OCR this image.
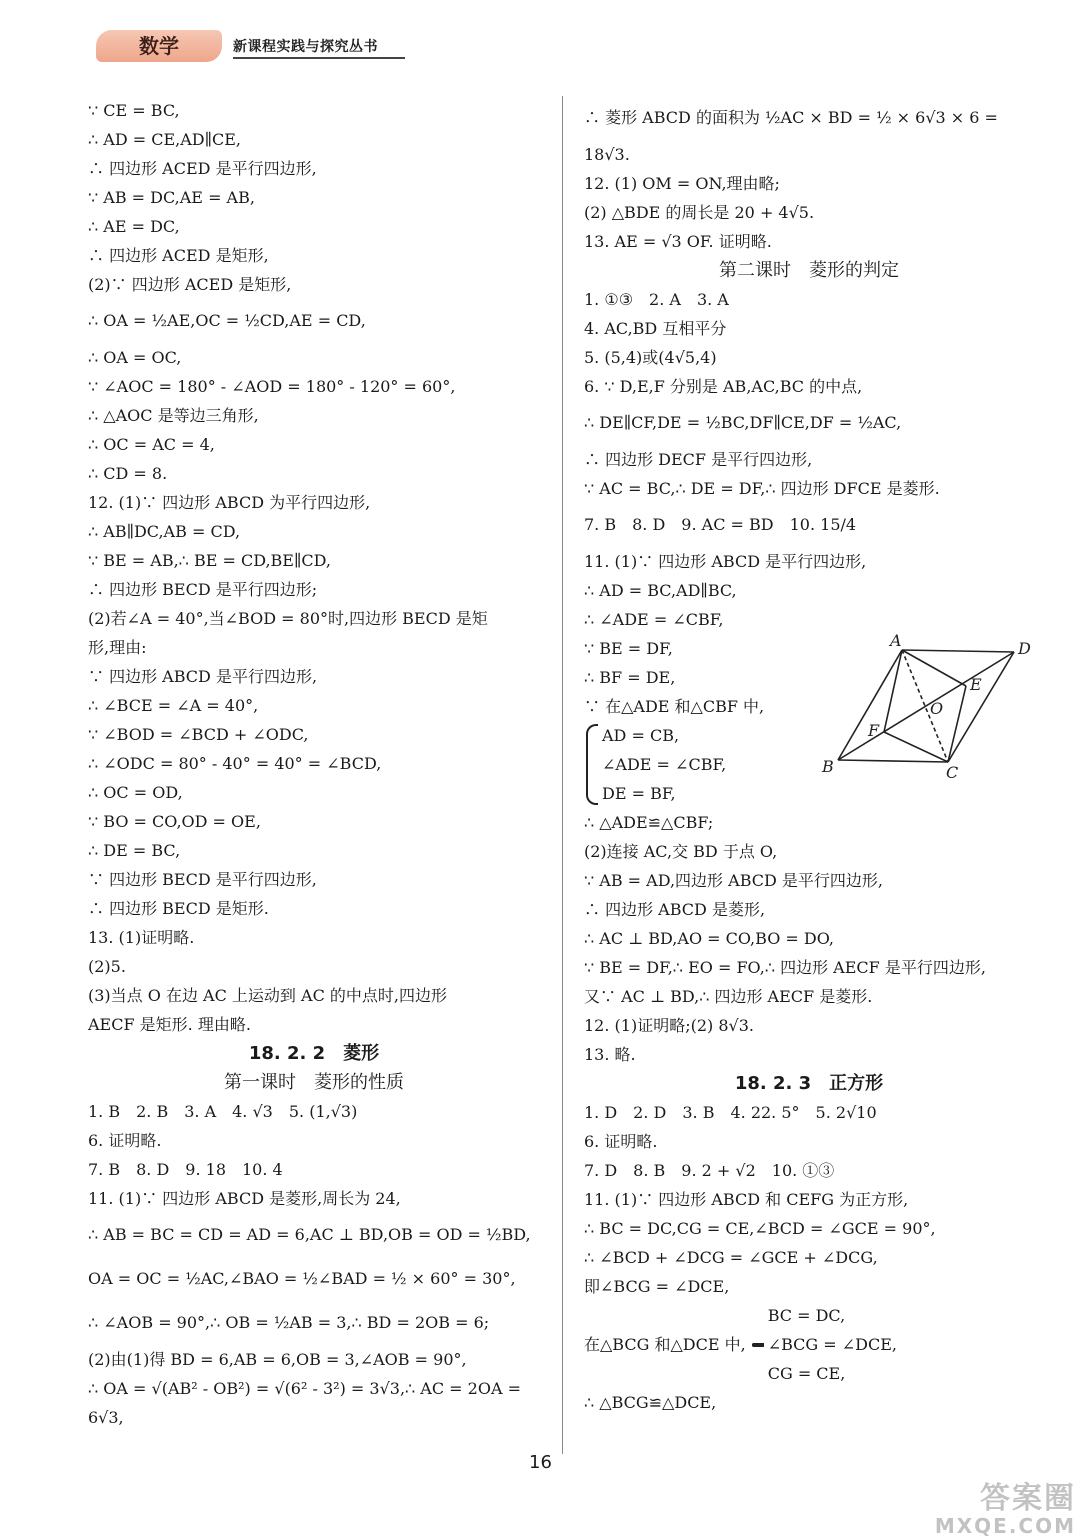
数学	新课程实践与探究丛书
∵ CE = BC,
∴ AD = CE,AD∥CE,
∴ 四边形 ACED 是平行四边形,
∵ AB = DC,AE = AB,
∴ AE = DC,
∴ 四边形 ACED 是矩形,
(2)∵ 四边形 ACED 是矩形,
∴ OA = ½AE,OC = ½CD,AE = CD,
∴ OA = OC,
∵ ∠AOC = 180° - ∠AOD = 180° - 120° = 60°,
∴ △AOC 是等边三角形,
∴ OC = AC = 4,
∴ CD = 8.
12. (1)∵ 四边形 ABCD 为平行四边形,
∴ AB∥DC,AB = CD,
∵ BE = AB,∴ BE = CD,BE∥CD,
∴ 四边形 BECD 是平行四边形;
(2)若∠A = 40°,当∠BOD = 80°时,四边形 BECD 是矩
形,理由:
∵ 四边形 ABCD 是平行四边形,
∴ ∠BCE = ∠A = 40°,
∵ ∠BOD = ∠BCD + ∠ODC,
∴ ∠ODC = 80° - 40° = 40° = ∠BCD,
∴ OC = OD,
∵ BO = CO,OD = OE,
∴ DE = BC,
∵ 四边形 BECD 是平行四边形,
∴ 四边形 BECD 是矩形.
13. (1)证明略.
(2)5.
(3)当点 O 在边 AC 上运动到 AC 的中点时,四边形
AECF 是矩形. 理由略.
18. 2. 2　菱形
第一课时　菱形的性质
1. B　2. B　3. A　4. √3　5. (1,√3)
6. 证明略.
7. B　8. D　9. 18　10. 4
11. (1)∵ 四边形 ABCD 是菱形,周长为 24,
∴ AB = BC = CD = AD = 6,AC ⊥ BD,OB = OD = ½BD,
OA = OC = ½AC,∠BAO = ½∠BAD = ½ × 60° = 30°,
∴ ∠AOB = 90°,∴ OB = ½AB = 3,∴ BD = 2OB = 6;
(2)由(1)得 BD = 6,AB = 6,OB = 3,∠AOB = 90°,
∴ OA = √(AB² - OB²) = √(6² - 3²) = 3√3,∴ AC = 2OA =
6√3,
∴ 菱形 ABCD 的面积为 ½AC × BD = ½ × 6√3 × 6 =
18√3.
12. (1) OM = ON,理由略;
(2) △BDE 的周长是 20 + 4√5.
13. AE = √3 OF. 证明略.
第二课时　菱形的判定
1. ①③　2. A　3. A
4. AC,BD 互相平分
5. (5,4)或(4√5,4)
6. ∵ D,E,F 分别是 AB,AC,BC 的中点,
∴ DE∥CF,DE = ½BC,DF∥CE,DF = ½AC,
∴ 四边形 DECF 是平行四边形,
∵ AC = BC,∴ DE = DF,∴ 四边形 DFCE 是菱形.
7. B　8. D　9. AC = BD　10. 15/4
11. (1)∵ 四边形 ABCD 是平行四边形,
∴ AD = BC,AD∥BC,
∴ ∠ADE = ∠CBF,
∵ BE = DF,
∴ BF = DE,
∵ 在△ADE 和△CBF 中,
AD = CB,
∠ADE = ∠CBF,
DE = BF,
∴ △ADE≌△CBF;
(2)连接 AC,交 BD 于点 O,
∵ AB = AD,四边形 ABCD 是平行四边形,
∴ 四边形 ABCD 是菱形,
∴ AC ⊥ BD,AO = CO,BO = DO,
∵ BE = DF,∴ EO = FO,∴ 四边形 AECF 是平行四边形,
又∵ AC ⊥ BD,∴ 四边形 AECF 是菱形.
12. (1)证明略;(2) 8√3.
13. 略.
18. 2. 3　正方形
1. D　2. D　3. B　4. 22. 5°　5. 2√10
6. 证明略.
7. D　8. B　9. 2 + √2　10. ①③
11. (1)∵ 四边形 ABCD 和 CEFG 为正方形,
∴ BC = DC,CG = CE,∠BCD = ∠GCE = 90°,
∴ ∠BCD + ∠DCG = ∠GCE + ∠DCG,
即∠BCG = ∠DCE,
在△BCG 和△DCE 中,
BC = DC,
∠BCG = ∠DCE,
CG = CE,
∴ △BCG≌△DCE,
A	D
E
O
F
B	C
16
答案圈
MXQE.COM
